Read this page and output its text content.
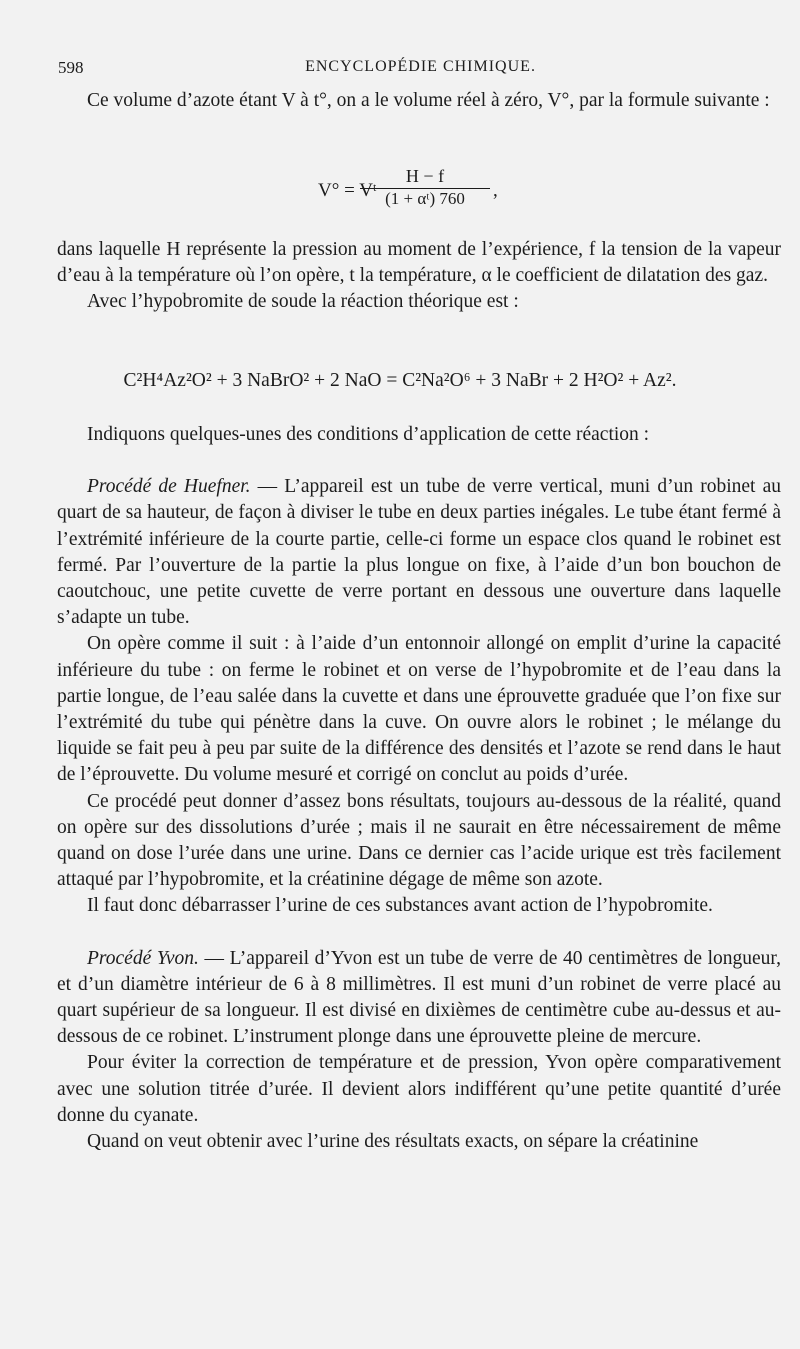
598	ENCYCLOPÉDIE CHIMIQUE.

Ce volume d’azote étant V à t°, on a le volume réel à zéro, V°, par la formule suivante :

V° = Vᵗ
$\frac{H - f}{\text{(1 + αᵗ) 760}}$ ,

dans laquelle H représente la pression au moment de l’expérience, f la tension de la vapeur d’eau à la température où l’on opère, t la température, α le coefficient de dilatation des gaz.

Avec l’hypobromite de soude la réaction théorique est :

C²H⁴Az²O² + 3 NaBrO² + 2 NaO = C²Na²O⁶ + 3 NaBr + 2 H²O² + Az².

Indiquons quelques-unes des conditions d’application de cette réaction :

Procédé de Huefner. — L’appareil est un tube de verre vertical, muni d’un robinet au quart de sa hauteur, de façon à diviser le tube en deux parties inégales. Le tube étant fermé à l’extrémité inférieure de la courte partie, celle-ci forme un espace clos quand le robinet est fermé. Par l’ouverture de la partie la plus longue on fixe, à l’aide d’un bon bouchon de caoutchouc, une petite cuvette de verre portant en dessous une ouverture dans laquelle s’adapte un tube.

On opère comme il suit : à l’aide d’un entonnoir allongé on emplit d’urine la capacité inférieure du tube : on ferme le robinet et on verse de l’hypobromite et de l’eau dans la partie longue, de l’eau salée dans la cuvette et dans une éprouvette graduée que l’on fixe sur l’extrémité du tube qui pénètre dans la cuve. On ouvre alors le robinet ; le mélange du liquide se fait peu à peu par suite de la différence des densités et l’azote se rend dans le haut de l’éprouvette. Du volume mesuré et corrigé on conclut au poids d’urée.

Ce procédé peut donner d’assez bons résultats, toujours au-dessous de la réalité, quand on opère sur des dissolutions d’urée ; mais il ne saurait en être nécessairement de même quand on dose l’urée dans une urine. Dans ce dernier cas l’acide urique est très facilement attaqué par l’hypobromite, et la créatinine dégage de même son azote.

Il faut donc débarrasser l’urine de ces substances avant action de l’hypobromite.

Procédé Yvon. — L’appareil d’Yvon est un tube de verre de 40 centimètres de longueur, et d’un diamètre intérieur de 6 à 8 millimètres. Il est muni d’un robinet de verre placé au quart supérieur de sa longueur. Il est divisé en dixièmes de centimètre cube au-dessus et au-dessous de ce robinet. L’instrument plonge dans une éprouvette pleine de mercure.

Pour éviter la correction de température et de pression, Yvon opère comparativement avec une solution titrée d’urée. Il devient alors indifférent qu’une petite quantité d’urée donne du cyanate.

Quand on veut obtenir avec l’urine des résultats exacts, on sépare la créatinine
